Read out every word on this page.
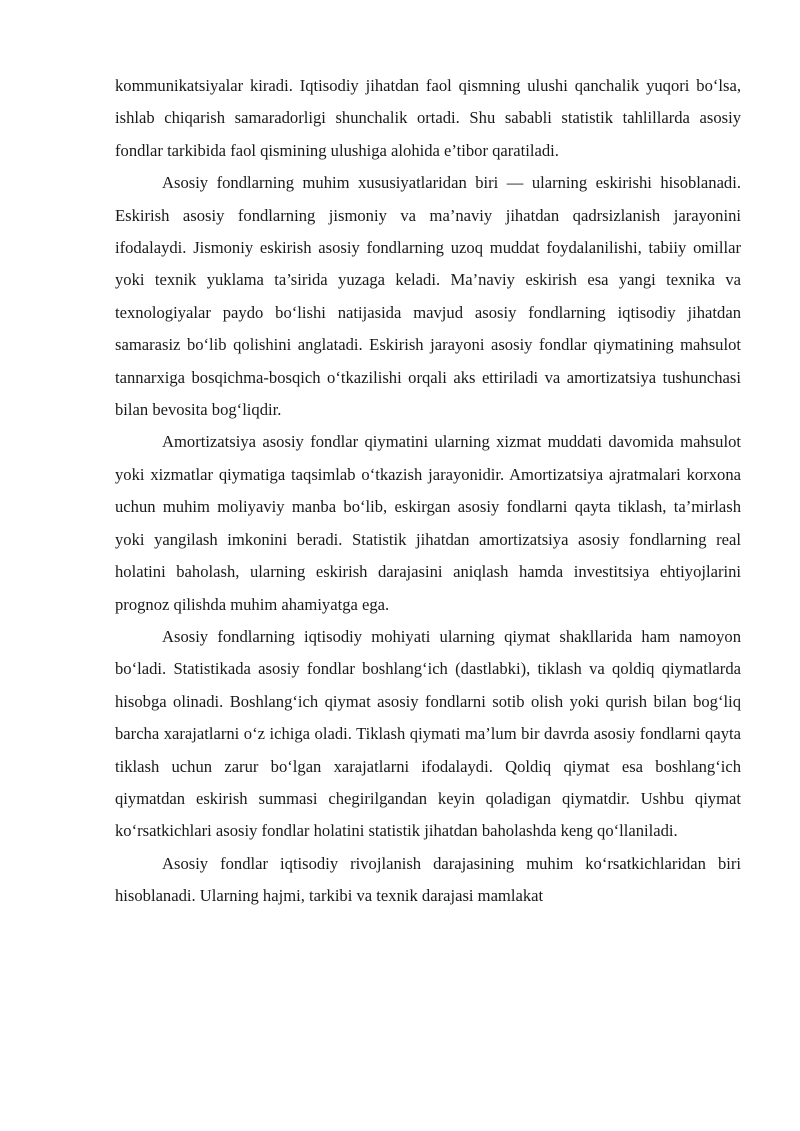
kommunikatsiyalar kiradi. Iqtisodiy jihatdan faol qismning ulushi qanchalik yuqori bo‘lsa, ishlab chiqarish samaradorligi shunchalik ortadi. Shu sababli statistik tahlillarda asosiy fondlar tarkibida faol qismining ulushiga alohida e’tibor qaratiladi.

Asosiy fondlarning muhim xususiyatlaridan biri — ularning eskirishi hisoblanadi. Eskirish asosiy fondlarning jismoniy va ma’naviy jihatdan qadrsizlanish jarayonini ifodalaydi. Jismoniy eskirish asosiy fondlarning uzoq muddat foydalanilishi, tabiiy omillar yoki texnik yuklama ta’sirida yuzaga keladi. Ma’naviy eskirish esa yangi texnika va texnologiyalar paydo bo‘lishi natijasida mavjud asosiy fondlarning iqtisodiy jihatdan samarasiz bo‘lib qolishini anglatadi. Eskirish jarayoni asosiy fondlar qiymatining mahsulot tannarxiga bosqichma-bosqich o‘tkazilishi orqali aks ettiriladi va amortizatsiya tushunchasi bilan bevosita bog‘liqdir.

Amortizatsiya asosiy fondlar qiymatini ularning xizmat muddati davomida mahsulot yoki xizmatlar qiymatiga taqsimlab o‘tkazish jarayonidir. Amortizatsiya ajratmalari korxona uchun muhim moliyaviy manba bo‘lib, eskirgan asosiy fondlarni qayta tiklash, ta’mirlash yoki yangilash imkonini beradi. Statistik jihatdan amortizatsiya asosiy fondlarning real holatini baholash, ularning eskirish darajasini aniqlash hamda investitsiya ehtiyojlarini prognoz qilishda muhim ahamiyatga ega.

Asosiy fondlarning iqtisodiy mohiyati ularning qiymat shakllarida ham namoyon bo‘ladi. Statistikada asosiy fondlar boshlang‘ich (dastlabki), tiklash va qoldiq qiymatlarda hisobga olinadi. Boshlang‘ich qiymat asosiy fondlarni sotib olish yoki qurish bilan bog‘liq barcha xarajatlarni o‘z ichiga oladi. Tiklash qiymati ma’lum bir davrda asosiy fondlarni qayta tiklash uchun zarur bo‘lgan xarajatlarni ifodalaydi. Qoldiq qiymat esa boshlang‘ich qiymatdan eskirish summasi chegirilgandan keyin qoladigan qiymatdir. Ushbu qiymat ko‘rsatkichlari asosiy fondlar holatini statistik jihatdan baholashda keng qo‘llaniladi.

Asosiy fondlar iqtisodiy rivojlanish darajasining muhim ko‘rsatkichlaridan biri hisoblanadi. Ularning hajmi, tarkibi va texnik darajasi mamlakat
